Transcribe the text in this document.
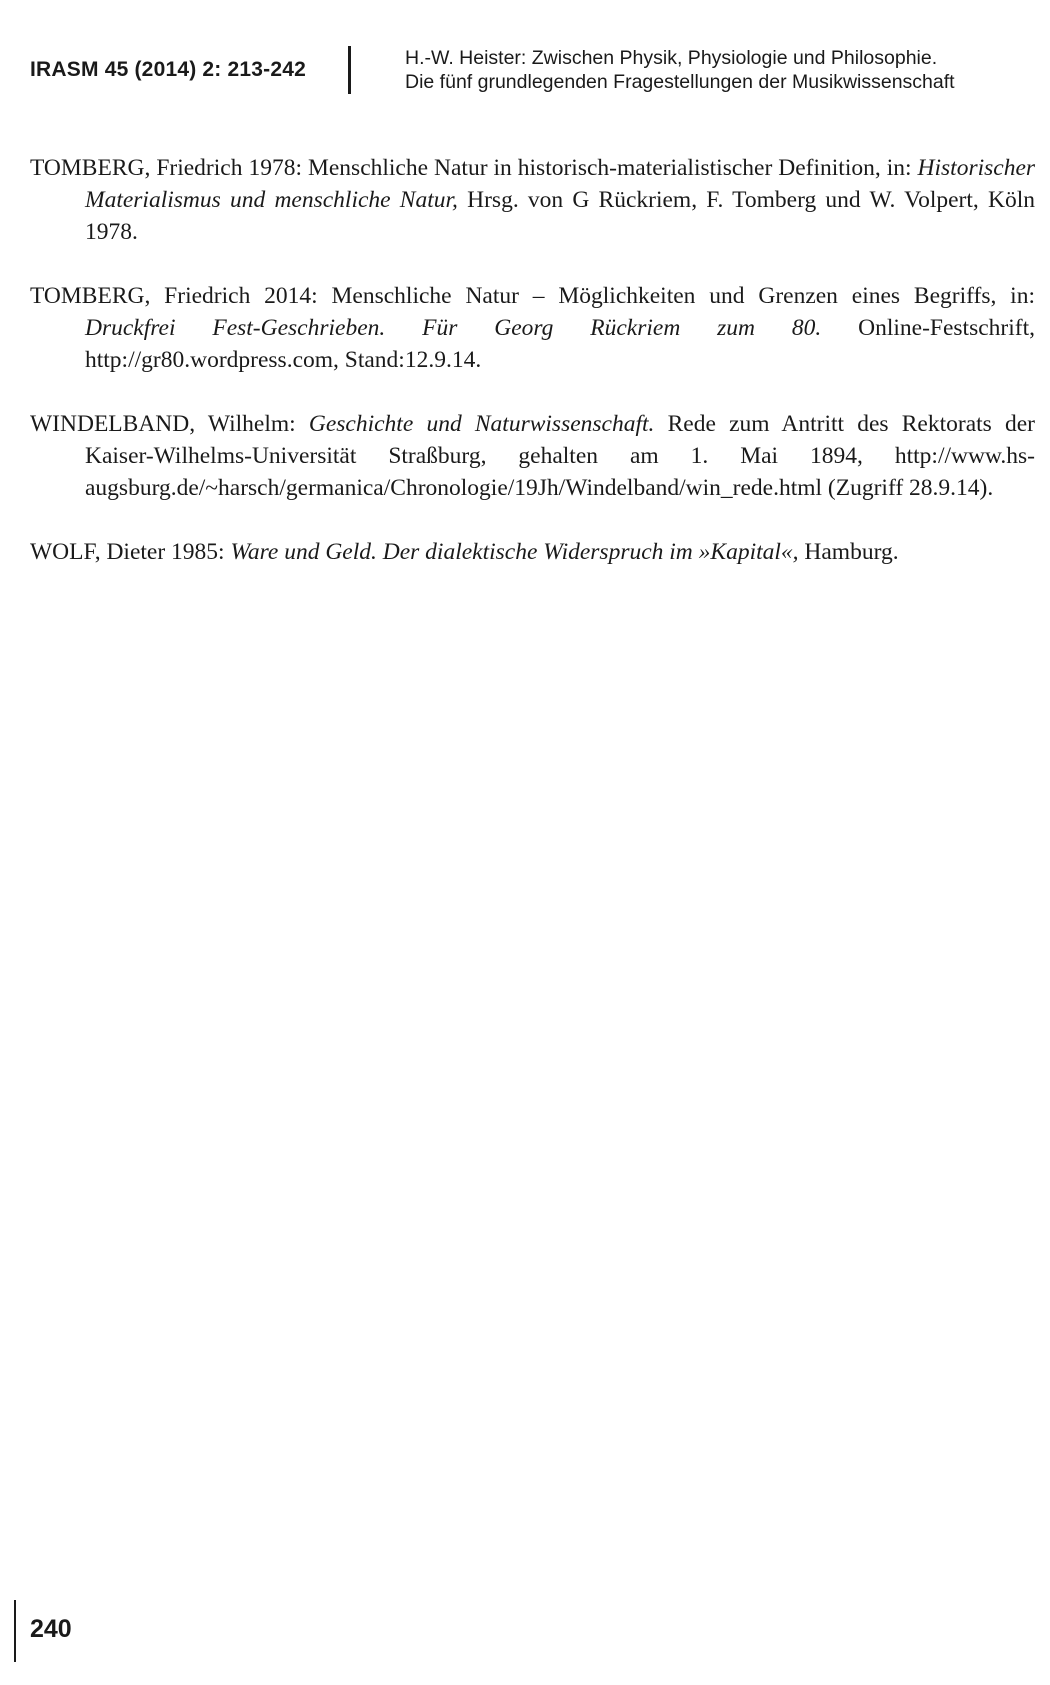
IRASM 45 (2014) 2: 213-242	H.-W. Heister: Zwischen Physik, Physiologie und Philosophie.
Die fünf grundlegenden Fragestellungen der Musikwissenschaft

TOMBERG, Friedrich 1978: Menschliche Natur in historisch-materialistischer Definition, in: Historischer Materialismus und menschliche Natur, Hrsg. von G Rückriem, F. Tomberg und W. Volpert, Köln 1978.

TOMBERG, Friedrich 2014: Menschliche Natur – Möglichkeiten und Grenzen eines Begriffs, in: Druckfrei Fest-Geschrieben. Für Georg Rückriem zum 80. Online-Festschrift, http://gr80.wordpress.com, Stand:12.9.14.

WINDELBAND, Wilhelm: Geschichte und Naturwissenschaft. Rede zum Antritt des Rektorats der Kaiser-Wilhelms-Universität Straßburg, gehalten am 1. Mai 1894, http://www.hs-augsburg.de/~harsch/germanica/Chronologie/19Jh/Windelband/win_rede.html (Zugriff 28.9.14).

WOLF, Dieter 1985: Ware und Geld. Der dialektische Widerspruch im »Kapital«, Hamburg.

240
